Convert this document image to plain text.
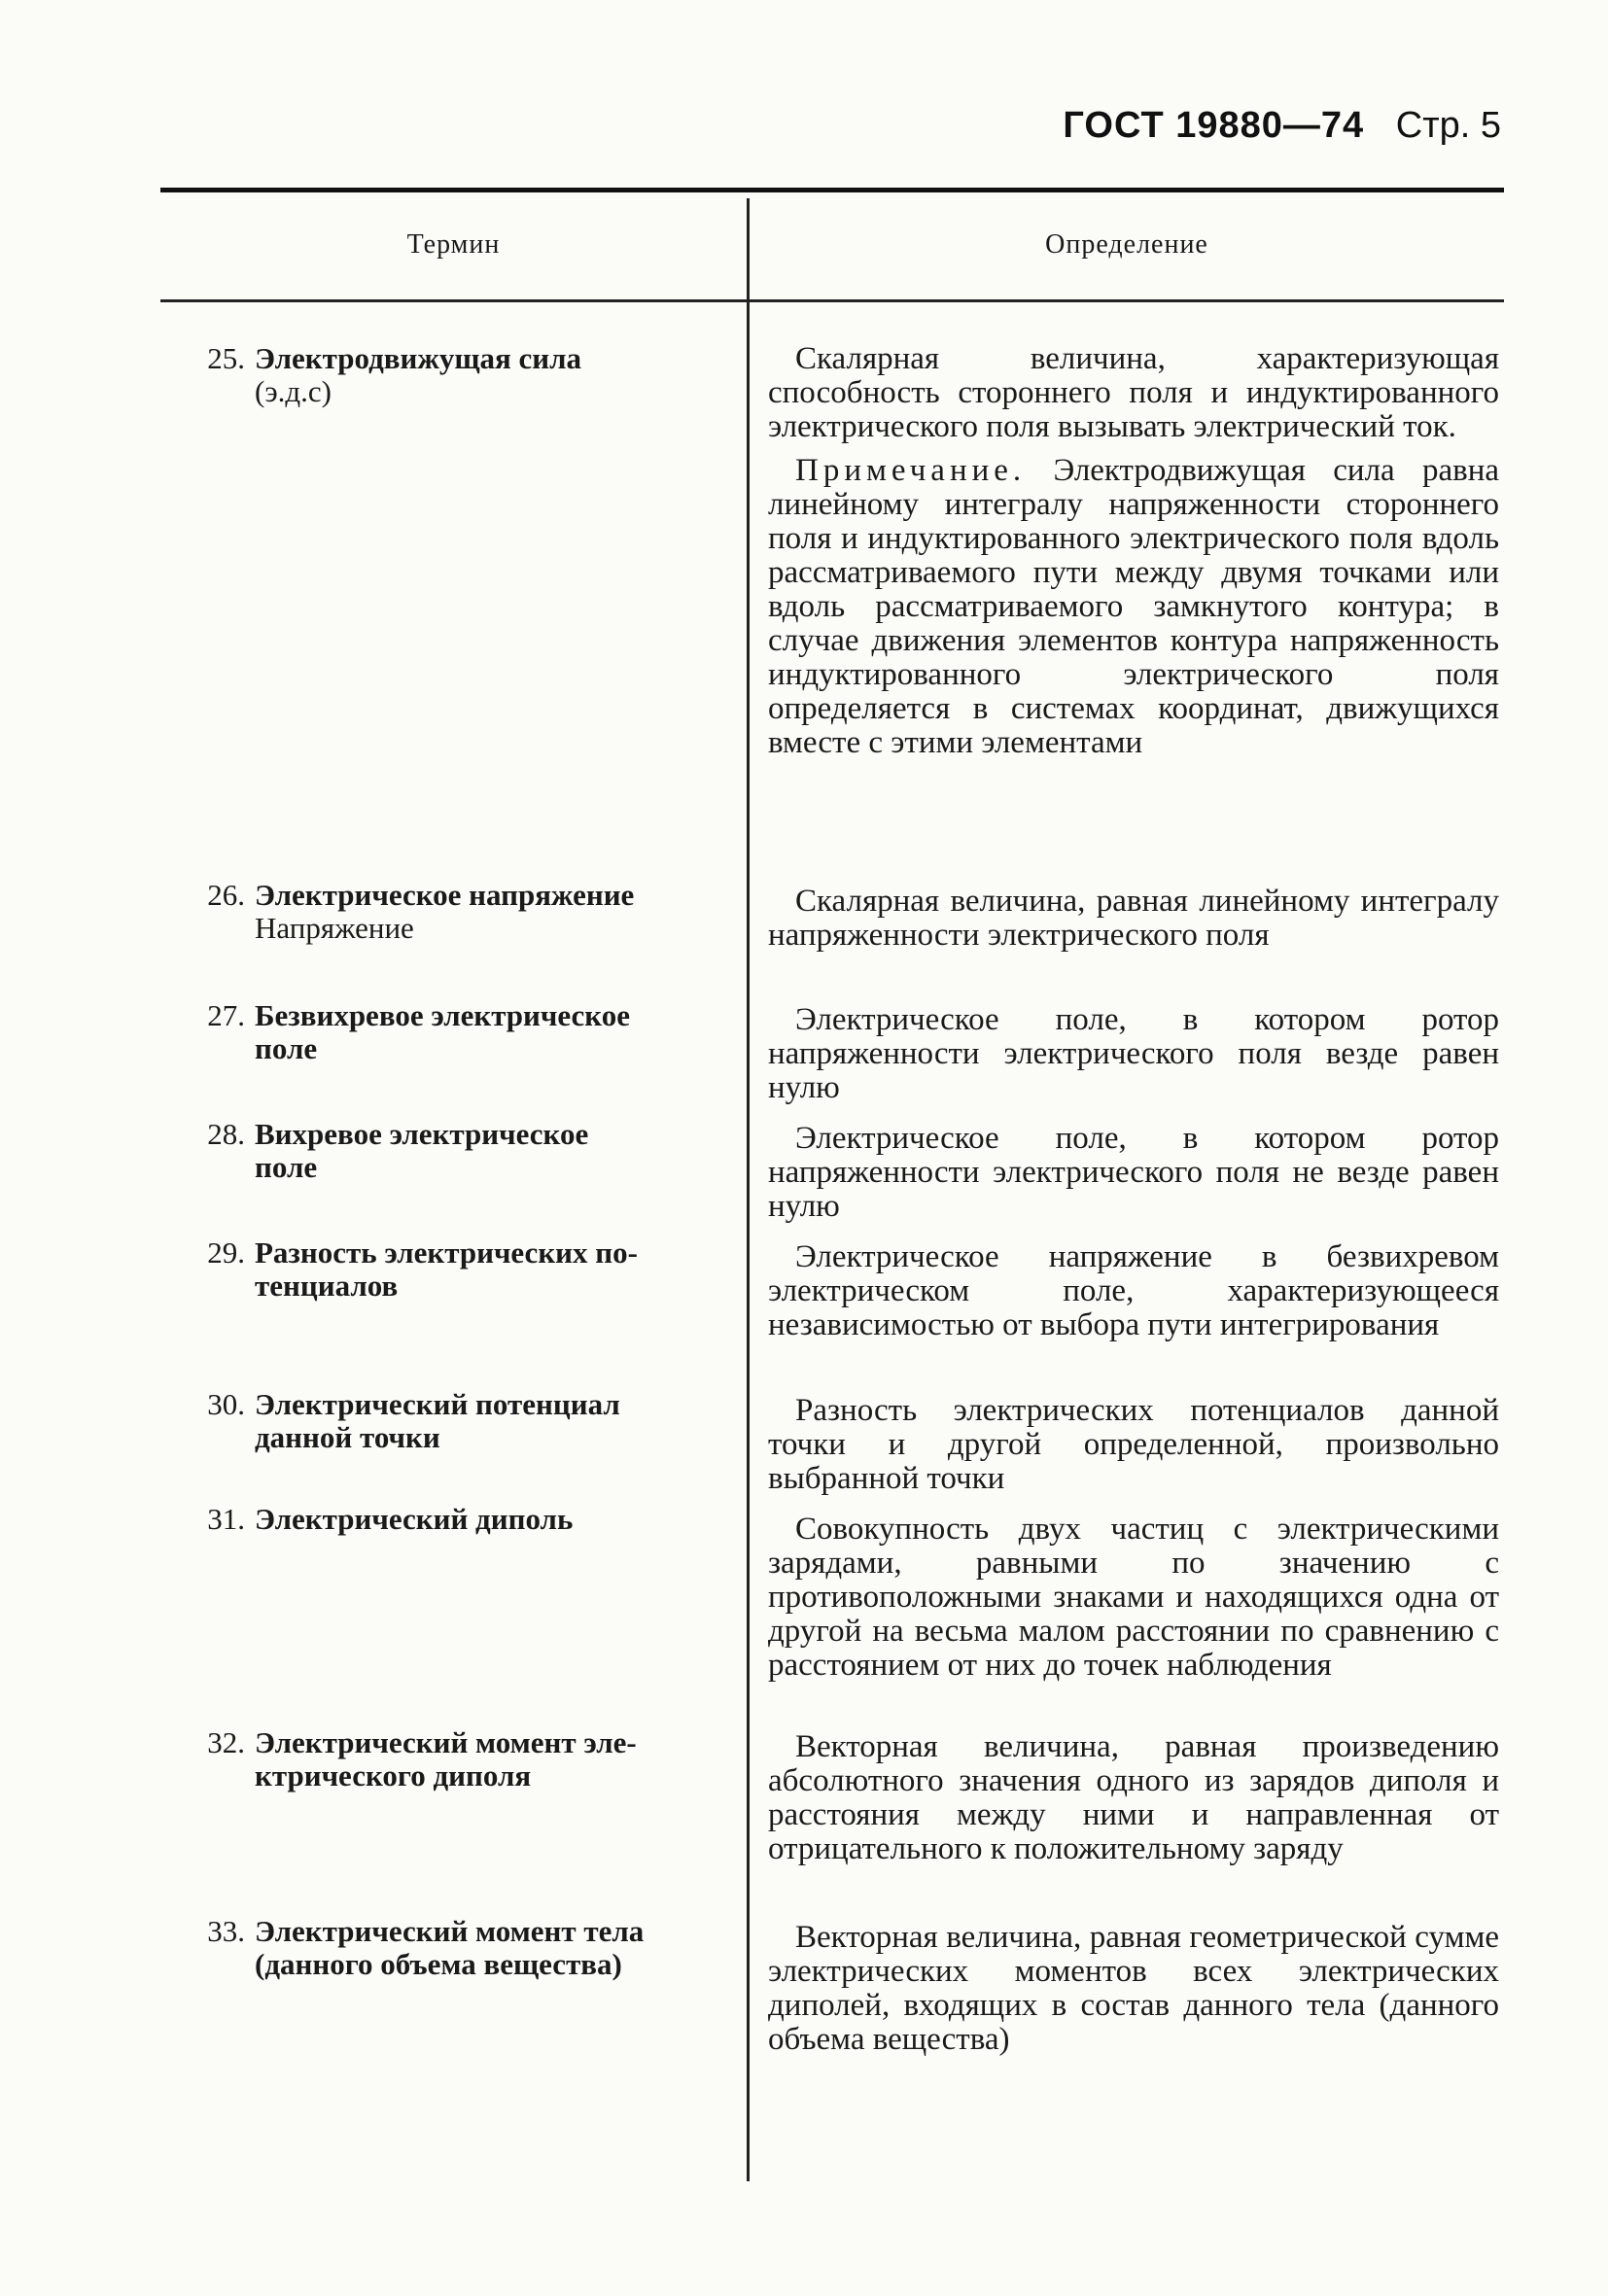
ГОСТ 19880—74 Стр. 5
Термин	Определение
25. Электродвижущая сила
(э.д.с)

Скалярная величина, характеризующая способность стороннего поля и индуктированного электрического поля вызывать электрический ток.

Примечание. Электродвижущая сила равна линейному интегралу напряженности стороннего поля и индуктированного электрического поля вдоль рассматриваемого пути между двумя точками или вдоль рассматриваемого замкнутого контура; в случае движения элементов контура напряженность индуктированного электрического поля определяется в системах координат, движущихся вместе с этими элементами

26. Электрическое напряжение
Напряжение

Скалярная величина, равная линейному интегралу напряженности электрического поля

27. Безвихревое электрическое
поле

Электрическое поле, в котором ротор напряженности электрического поля везде равен нулю

28. Вихревое электрическое
поле

Электрическое поле, в котором ротор напряженности электрического поля не везде равен нулю

29. Разность электрических по-
тенциалов

Электрическое напряжение в безвихревом электрическом поле, характеризующееся независимостью от выбора пути интегрирования

30. Электрический потенциал
данной точки

Разность электрических потенциалов данной точки и другой определенной, произвольно выбранной точки

31. Электрический диполь	Совокупность двух частиц с электрическими зарядами, равными по значению с противоположными знаками и находящихся одна от другой на весьма малом расстоянии по сравнению с расстоянием от них до точек наблюдения

32. Электрический момент эле-
ктрического диполя

Векторная величина, равная произведению абсолютного значения одного из зарядов диполя и расстояния между ними и направленная от отрицательного к положительному заряду

33. Электрический момент тела
(данного объема вещества)

Векторная величина, равная геометрической сумме электрических моментов всех электрических диполей, входящих в состав данного тела (данного объема вещества)
